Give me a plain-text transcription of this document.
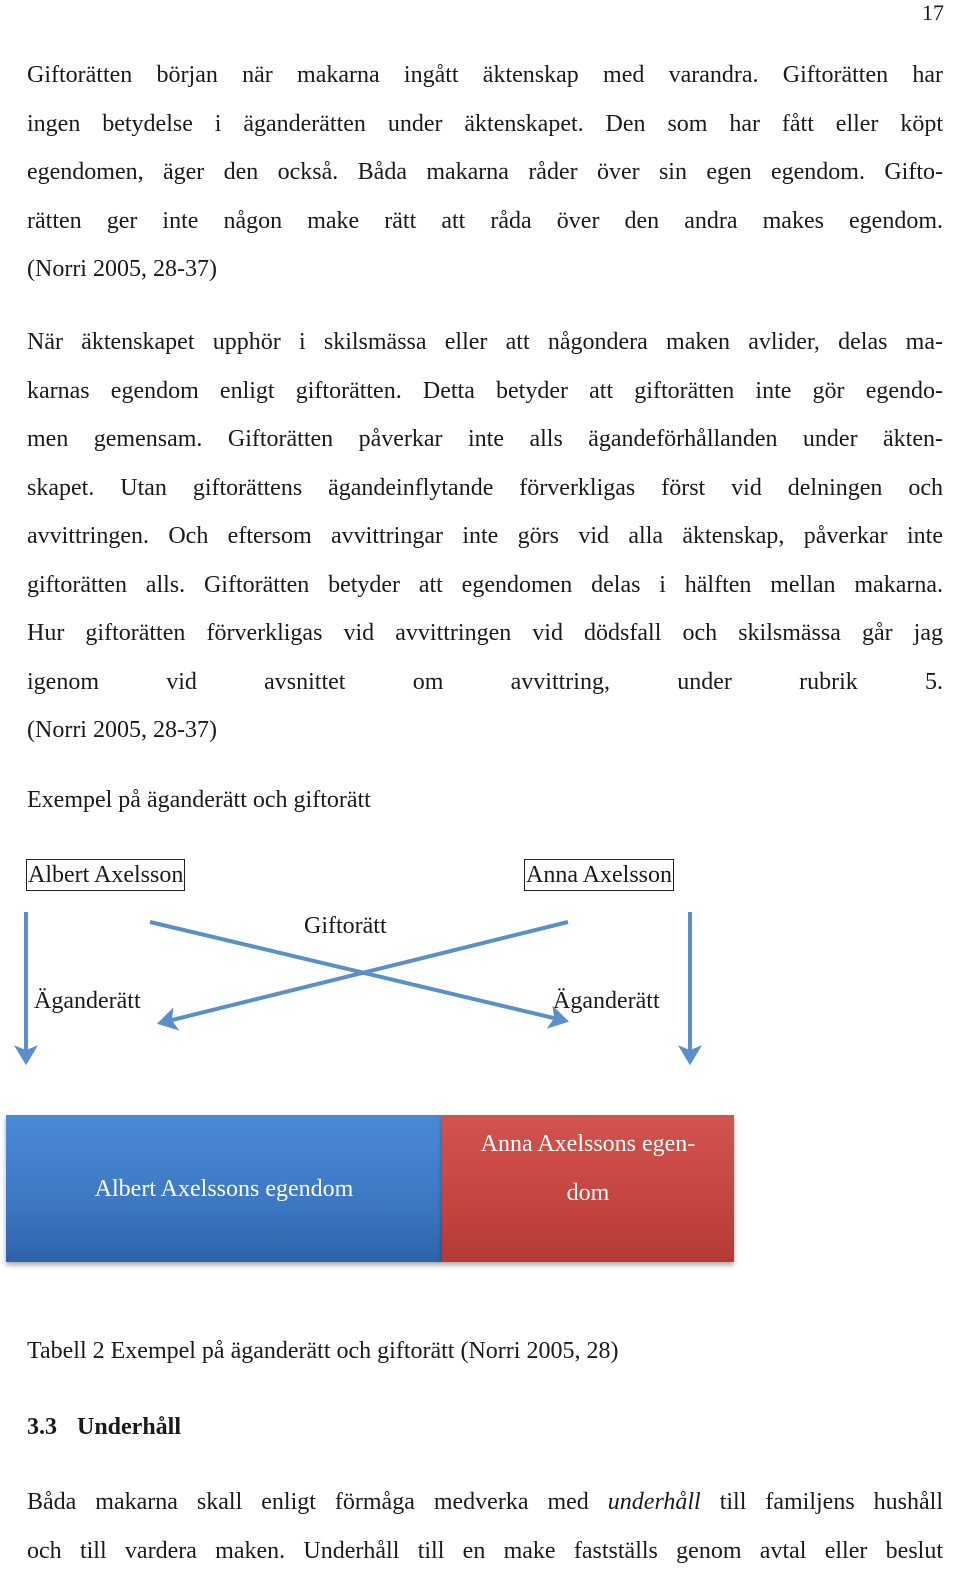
17
Giftorätten början när makarna ingått äktenskap med varandra. Giftorätten har
ingen betydelse i äganderätten under äktenskapet. Den som har fått eller köpt
egendomen, äger den också. Båda makarna råder över sin egen egendom. Gifto-
rätten ger inte någon make rätt att råda över den andra makes egendom.
(Norri 2005, 28-37)
När äktenskapet upphör i skilsmässa eller att någondera maken avlider, delas ma-
karnas egendom enligt giftorätten. Detta betyder att giftorätten inte gör egendo-
men gemensam. Giftorätten påverkar inte alls ägandeförhållanden under äkten-
skapet. Utan giftorättens ägandeinflytande förverkligas först vid delningen och
avvittringen. Och eftersom avvittringar inte görs vid alla äktenskap, påverkar inte
giftorätten alls. Giftorätten betyder att egendomen delas i hälften mellan makarna.
Hur giftorätten förverkligas vid avvittringen vid dödsfall och skilsmässa går jag
igenom vid avsnittet om avvittring, under rubrik 5.
(Norri 2005, 28-37)
Exempel på äganderätt och giftorätt
Albert Axelsson	Anna Axelsson
Giftorätt
Äganderätt	Äganderätt
Albert Axelssons egendom
Anna Axelssons egen-
dom
Tabell 2 Exempel på äganderätt och giftorätt (Norri 2005, 28)
3.3 Underhåll
Båda makarna skall enligt förmåga medverka med underhåll till familjens hushåll
och till vardera maken. Underhåll till en make fastställs genom avtal eller beslut
